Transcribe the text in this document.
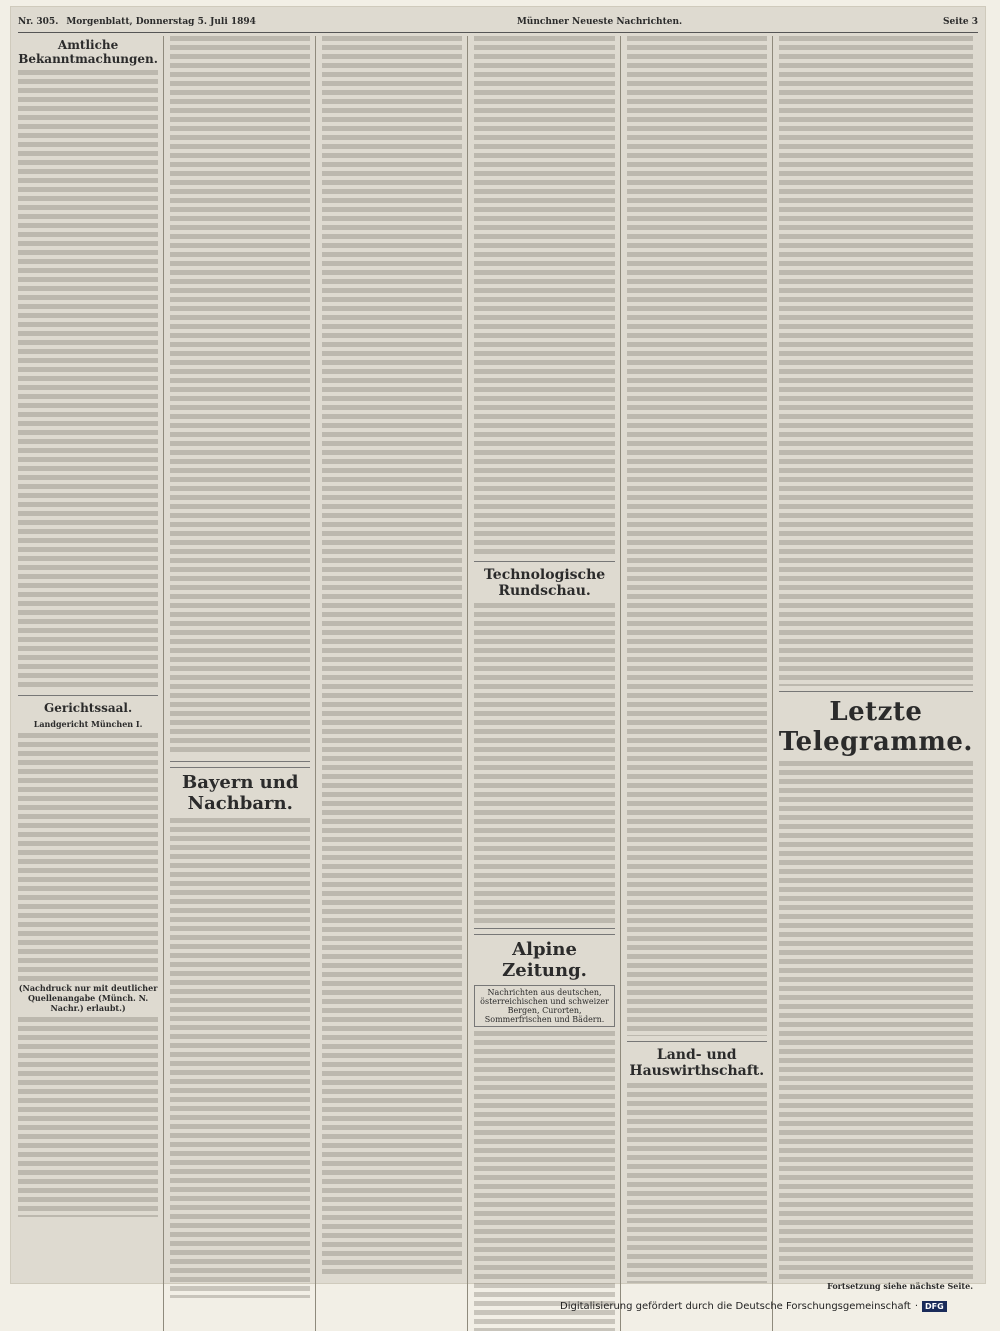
Nr. 305. Morgenblatt, Donnerstag 5. Juli 1894	Münchner Neueste Nachrichten.	Seite 3
Amtliche Bekanntmachungen.
Gerichtssaal.
Landgericht München I.
(Nachdruck nur mit deutlicher Quellenangabe (Münch. N. Nachr.) erlaubt.)
Bayern und Nachbarn.
Technologische Rundschau.
Alpine Zeitung.
Nachrichten aus deutschen, österreichischen und schweizer Bergen, Curorten, Sommerfrischen und Bädern.
Land- und Hauswirthschaft.
Letzte Telegramme.
Fortsetzung siehe nächste Seite.
Digitalisierung gefördert durch die Deutsche Forschungsgemeinschaft · DFG
